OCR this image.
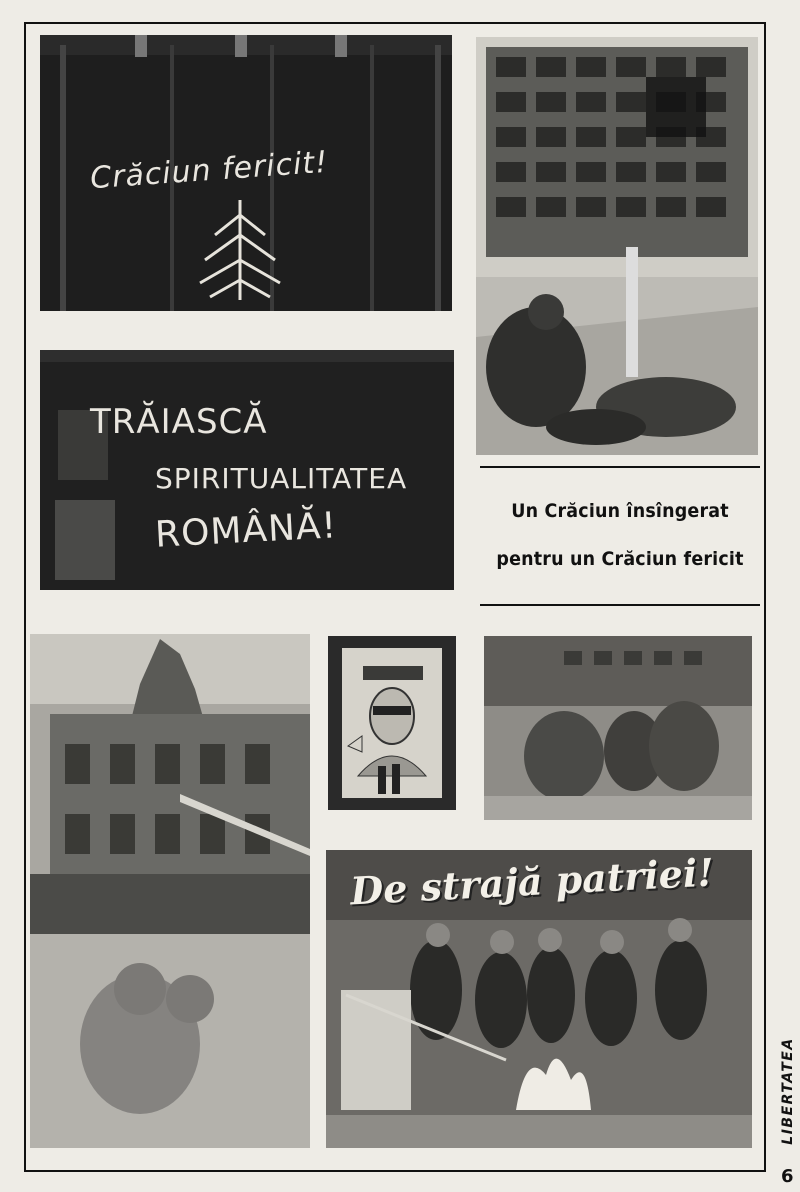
Crăciun fericit!
TRĂIASCĂ
SPIRITUALITATEA
ROMÂNĂ!	Un Crăciun însîngerat
pentru un Crăciun fericit
De strajă patriei!
LIBERTATEA
6
